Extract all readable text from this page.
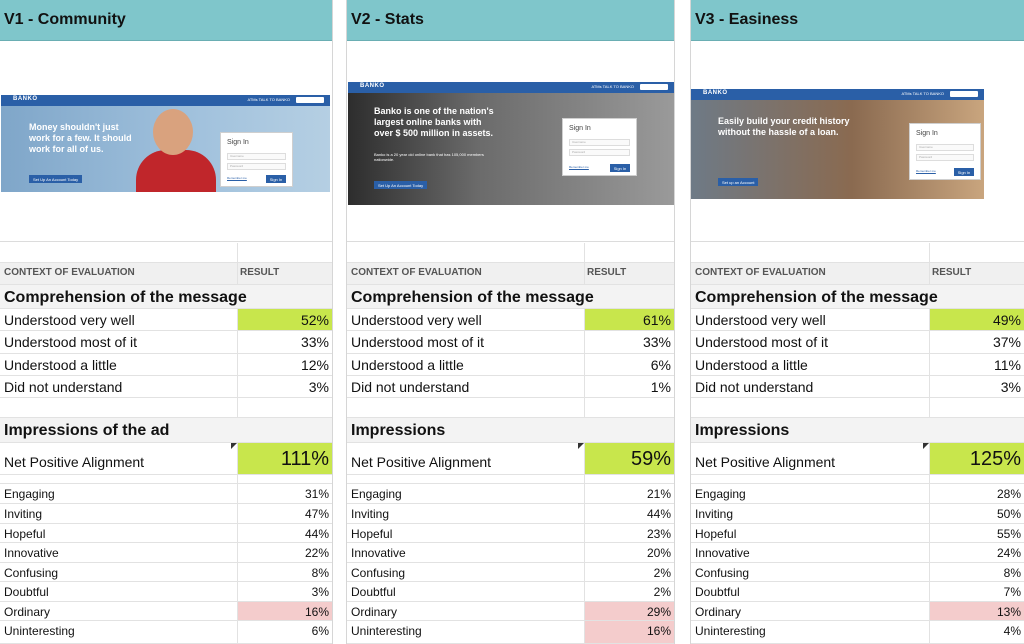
V1 - Community
BANKO	ATMs TALK TO BANKO
Money shouldn't just work for a few. It should work for all of us.
Set Up An Account Today
Sign In
Username
Password
Remember me	Sign In
CONTEXT OF EVALUATION	RESULT
Comprehension of the message
Understood very well	52%
Understood most of it	33%
Understood a little	12%
Did not understand	3%
Impressions of the ad
Net Positive Alignment	111%
Engaging	31%
Inviting	47%
Hopeful	44%
Innovative	22%
Confusing	8%
Doubtful	3%
Ordinary	16%
Uninteresting	6%
V2 - Stats
BANKO	ATMs TALK TO BANKO
Banko is one of the nation's largest online banks with over $ 500 million in assets.
Banko is a 20 year old online bank that has 105,000 members nationwide.
Set Up An Account Today
Sign In
Username
Password
Remember me	Sign In
CONTEXT OF EVALUATION	RESULT
Comprehension of the message
Understood very well	61%
Understood most of it	33%
Understood a little	6%
Did not understand	1%
Impressions
Net Positive Alignment	59%
Engaging	21%
Inviting	44%
Hopeful	23%
Innovative	20%
Confusing	2%
Doubtful	2%
Ordinary	29%
Uninteresting	16%
V3 - Easiness
BANKO	ATMs TALK TO BANKO
Easily build your credit history without the hassle of a loan.
Set up an Account
Sign In
Username
Password
Remember me	Sign In
CONTEXT OF EVALUATION	RESULT
Comprehension of the message
Understood very well	49%
Understood most of it	37%
Understood a little	11%
Did not understand	3%
Impressions
Net Positive Alignment	125%
Engaging	28%
Inviting	50%
Hopeful	55%
Innovative	24%
Confusing	8%
Doubtful	7%
Ordinary	13%
Uninteresting	4%
